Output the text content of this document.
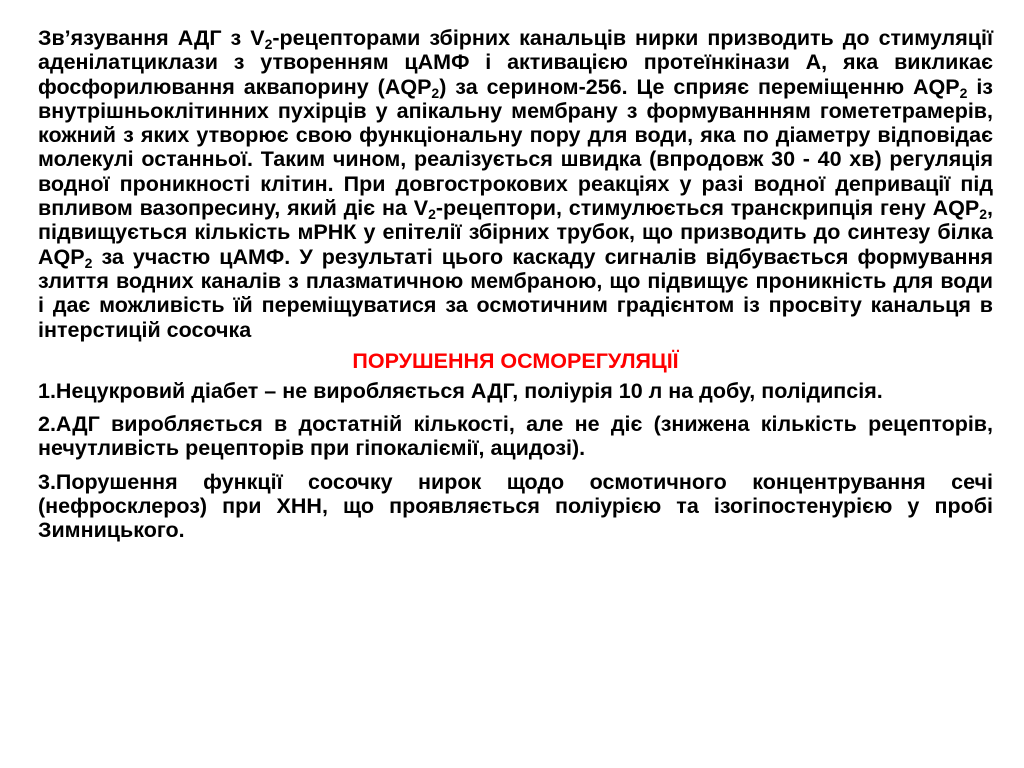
Зв’язування АДГ з $V_2$-рецепторами збірних канальців нирки призводить до стимуляції аденілатциклази з утворенням цАМФ і активацією протеїнкінази А, яка викликає фосфорилювання аквапорину $(AQP_2)$ за серином-256. Це сприяє переміщенню $AQP_2$ із внутрішньоклітинних пухірців у апікальну мембрану з формуваннням гомететрамерів, кожний з яких утворює свою функціональну пору для води, яка по діаметру відповідає молекулі останньої. Таким чином, реалізується швидка (впродовж 30 - 40 хв) регуляція водної проникності клітин. При довгострокових реакціях у разі водної депривації під впливом вазопресину, який діє на $V_2$-рецептори, стимулюється транскрипція гену $AQP_2$, підвищується кількість мРНК у епітелії збірних трубок, що призводить до синтезу білка $AQP_2$ за участю цАМФ. У результаті цього каскаду сигналів відбувається формування злиття водних каналів з плазматичною мембраною, що підвищує проникність для води і дає можливість їй переміщуватися за осмотичним градієнтом із просвіту канальця в інтерстицій сосочка

ПОРУШЕННЯ ОСМОРЕГУЛЯЦІЇ
1.Нецукровий діабет – не виробляється АДГ, поліурія 10 л на добу, полідипсія.
2.АДГ виробляється в достатній кількості, але не діє (знижена кількість рецепторів, нечутливість рецепторів при гіпокаліємії, ацидозі).
3.Порушення функції сосочку нирок щодо осмотичного концентрування сечі (нефросклероз) при ХНН, що проявляється поліурією та ізогіпостенурією у пробі Зимницького.
